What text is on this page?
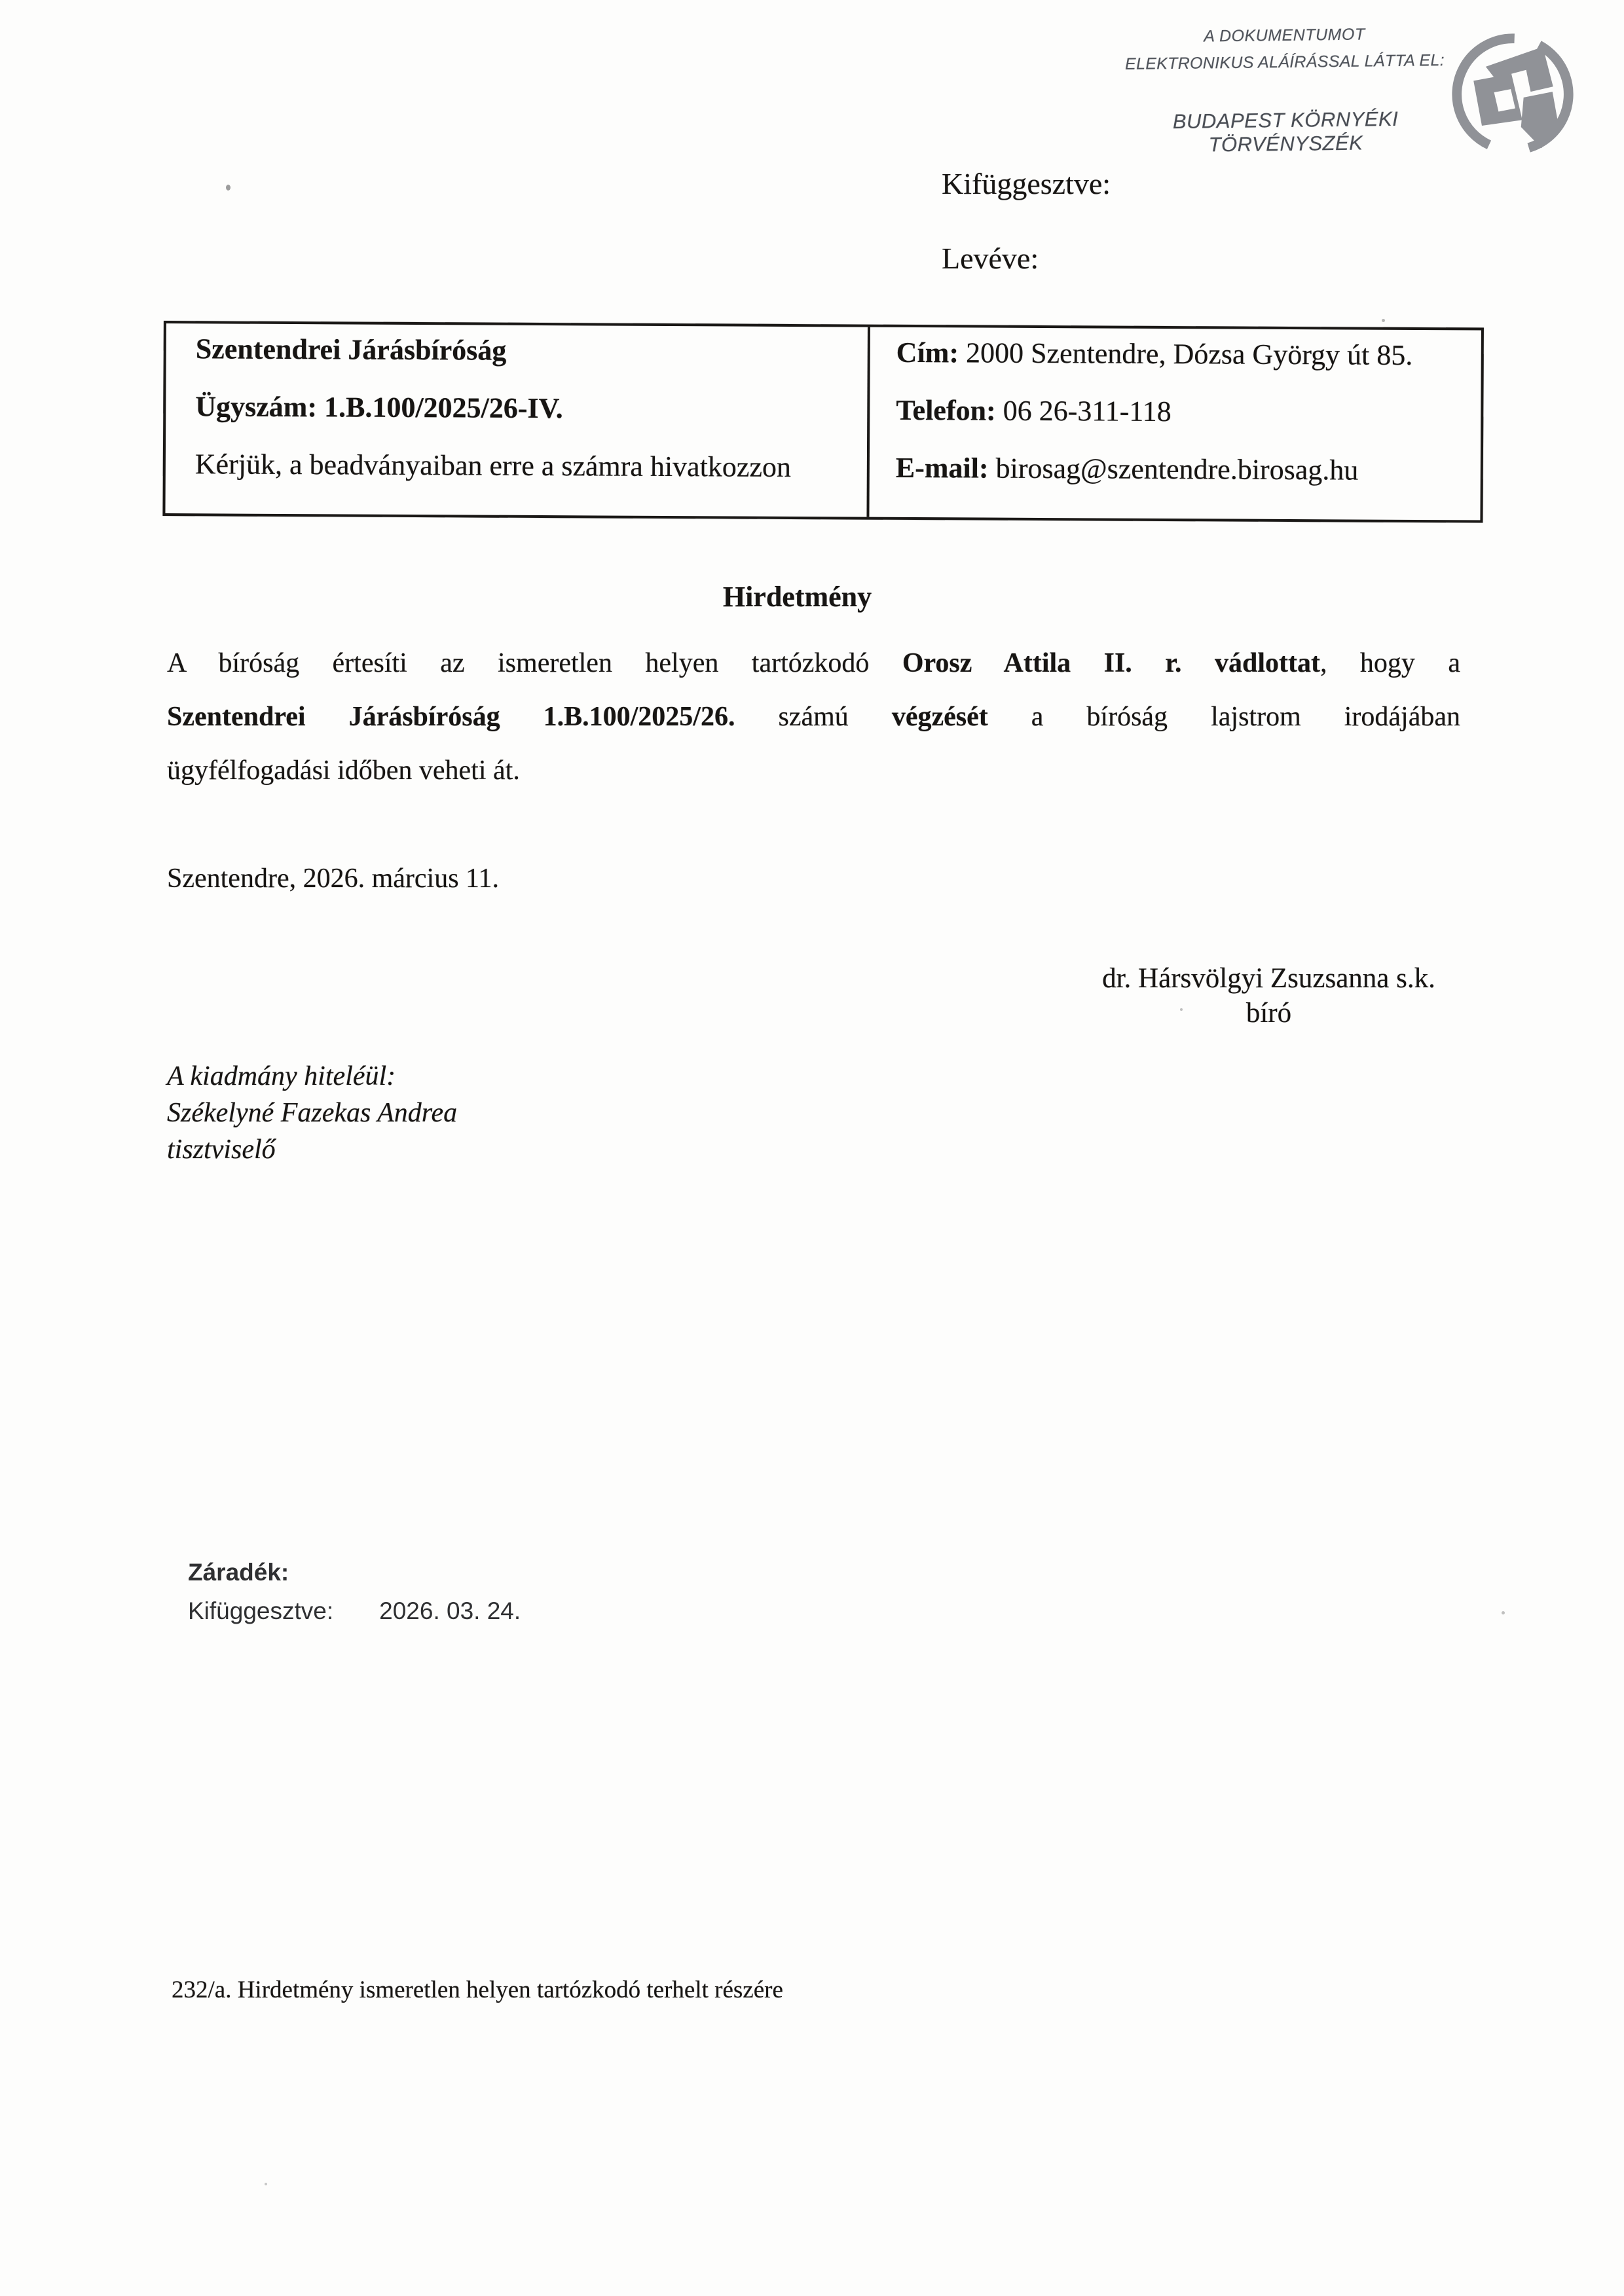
A DOKUMENTUMOT
ELEKTRONIKUS ALÁÍRÁSSAL LÁTTA EL:
BUDAPEST KÖRNYÉKI TÖRVÉNYSZÉK
Kifüggesztve:
Levéve:
Szentendrei Járásbíróság
Ügyszám: 1.B.100/2025/26-IV.
Kérjük, a beadványaiban erre a számra hivatkozzon
Cím: 2000 Szentendre, Dózsa György út 85.
Telefon: 06 26-311-118
E-mail: birosag@szentendre.birosag.hu
Hirdetmény
A bíróság értesíti az ismeretlen helyen tartózkodó Orosz Attila II. r. vádlottat, hogy a
Szentendrei Járásbíróság 1.B.100/2025/26. számú végzését a bíróság lajstrom irodájában
ügyfélfogadási időben veheti át.
Szentendre, 2026. március 11.
dr. Hársvölgyi Zsuzsanna s.k.
bíró
A kiadmány hiteléül:
Székelyné Fazekas Andrea
tisztviselő
Záradék:
Kifüggesztve: 2026. 03. 24.
232/a. Hirdetmény ismeretlen helyen tartózkodó terhelt részére
